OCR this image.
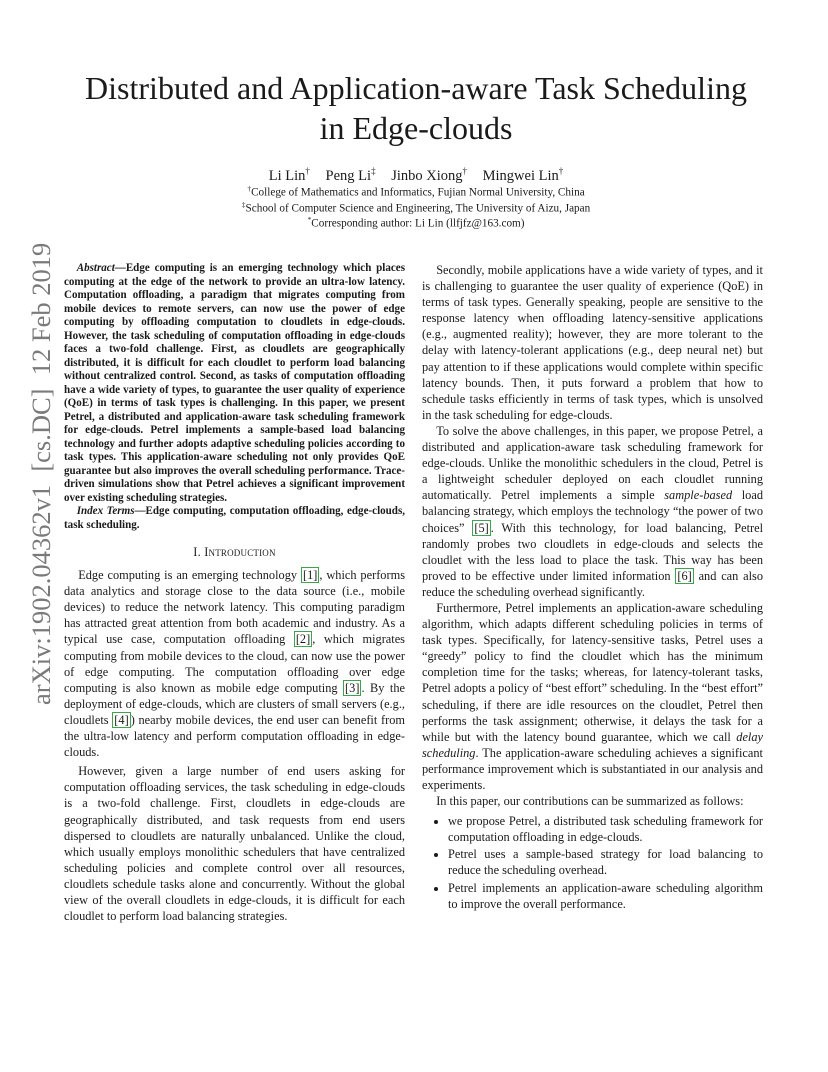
arXiv:1902.04362v1  [cs.DC]  12 Feb 2019
Distributed and Application-aware Task Scheduling
in Edge-clouds
Li Lin† Peng Li‡ Jinbo Xiong† Mingwei Lin†
†College of Mathematics and Informatics, Fujian Normal University, China
‡School of Computer Science and Engineering, The University of Aizu, Japan
*Corresponding author: Li Lin (llfjfz@163.com)

Abstract—Edge computing is an emerging technology which places computing at the edge of the network to provide an ultra-low latency. Computation offloading, a paradigm that migrates computing from mobile devices to remote servers, can now use the power of edge computing by offloading computation to cloudlets in edge-clouds. However, the task scheduling of computation offloading in edge-clouds faces a two-fold challenge. First, as cloudlets are geographically distributed, it is difficult for each cloudlet to perform load balancing without centralized control. Second, as tasks of computation offloading have a wide variety of types, to guarantee the user quality of experience (QoE) in terms of task types is challenging. In this paper, we present Petrel, a distributed and application-aware task scheduling framework for edge-clouds. Petrel implements a sample-based load balancing technology and further adopts adaptive scheduling policies according to task types. This application-aware scheduling not only provides QoE guarantee but also improves the overall scheduling performance. Trace-driven simulations show that Petrel achieves a significant improvement over existing scheduling strategies.

Index Terms—Edge computing, computation offloading, edge-clouds, task scheduling.

I. Introduction

Edge computing is an emerging technology [1] , which performs data analytics and storage close to the data source (i.e., mobile devices) to reduce the network latency. This computing paradigm has attracted great attention from both academic and industry. As a typical use case, computation offloading [2] , which migrates computing from mobile devices to the cloud, can now use the power of edge computing. The computation offloading over edge computing is also known as mobile edge computing [3] . By the deployment of edge-clouds, which are clusters of small servers (e.g., cloudlets [4] ) nearby mobile devices, the end user can benefit from the ultra-low latency and perform computation offloading in edge-clouds.

However, given a large number of end users asking for computation offloading services, the task scheduling in edge-clouds is a two-fold challenge. First, cloudlets in edge-clouds are geographically distributed, and task requests from end users dispersed to cloudlets are naturally unbalanced. Unlike the cloud, which usually employs monolithic schedulers that have centralized scheduling policies and complete control over all resources, cloudlets schedule tasks alone and concurrently. Without the global view of the overall cloudlets in edge-clouds, it is difficult for each cloudlet to perform load balancing strategies.

Secondly, mobile applications have a wide variety of types, and it is challenging to guarantee the user quality of experience (QoE) in terms of task types. Generally speaking, people are sensitive to the response latency when offloading latency-sensitive applications (e.g., augmented reality); however, they are more tolerant to the delay with latency-tolerant applications (e.g., deep neural net) but pay attention to if these applications would complete within specific latency bounds. Then, it puts forward a problem that how to schedule tasks efficiently in terms of task types, which is unsolved in the task scheduling for edge-clouds.

To solve the above challenges, in this paper, we propose Petrel, a distributed and application-aware task scheduling framework for edge-clouds. Unlike the monolithic schedulers in the cloud, Petrel is a lightweight scheduler deployed on each cloudlet running automatically. Petrel implements a simple sample-based load balancing strategy, which employs the technology “the power of two choices” [5] . With this technology, for load balancing, Petrel randomly probes two cloudlets in edge-clouds and selects the cloudlet with the less load to place the task. This way has been proved to be effective under limited information [6] and can also reduce the scheduling overhead significantly.

Furthermore, Petrel implements an application-aware scheduling algorithm, which adapts different scheduling policies in terms of task types. Specifically, for latency-sensitive tasks, Petrel uses a “greedy” policy to find the cloudlet which has the minimum completion time for the tasks; whereas, for latency-tolerant tasks, Petrel adopts a policy of “best effort” scheduling. In the “best effort” scheduling, if there are idle resources on the cloudlet, Petrel then performs the task assignment; otherwise, it delays the task for a while but with the latency bound guarantee, which we call delay scheduling. The application-aware scheduling achieves a significant performance improvement which is substantiated in our analysis and experiments.

In this paper, our contributions can be summarized as follows:

• we propose Petrel, a distributed task scheduling framework for computation offloading in edge-clouds.
• Petrel uses a sample-based strategy for load balancing to reduce the scheduling overhead.
• Petrel implements an application-aware scheduling algorithm to improve the overall performance.
